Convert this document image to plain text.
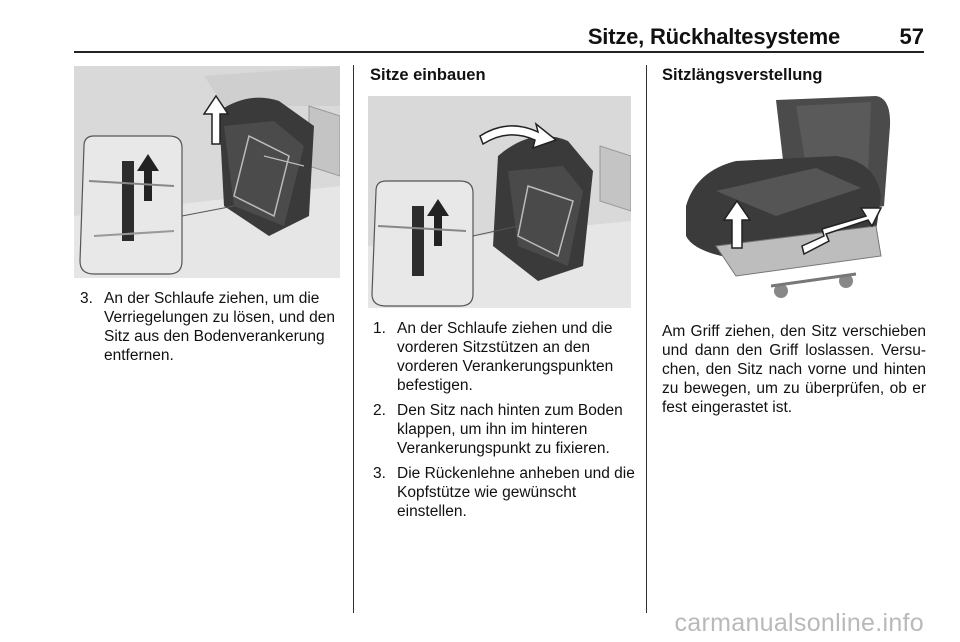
Sitze, Rückhaltesysteme	57
3. An der Schlaufe ziehen, um die Verriegelungen zu lösen, und den Sitz aus den Bodenverankerung entfernen.
Sitze einbauen
1. An der Schlaufe ziehen und die vorderen Sitzstützen an den vorderen Verankerungspunkten befestigen.
2. Den Sitz nach hinten zum Boden klappen, um ihn im hinteren Verankerungspunkt zu fixieren.
3. Die Rückenlehne anheben und die Kopfstütze wie gewünscht einstellen.
Sitzlängsverstellung
Am Griff ziehen, den Sitz verschieben und dann den Griff loslassen. Versuchen, den Sitz nach vorne und hinten zu bewegen, um zu überprüfen, ob er fest eingerastet ist.
carmanualsonline.info
